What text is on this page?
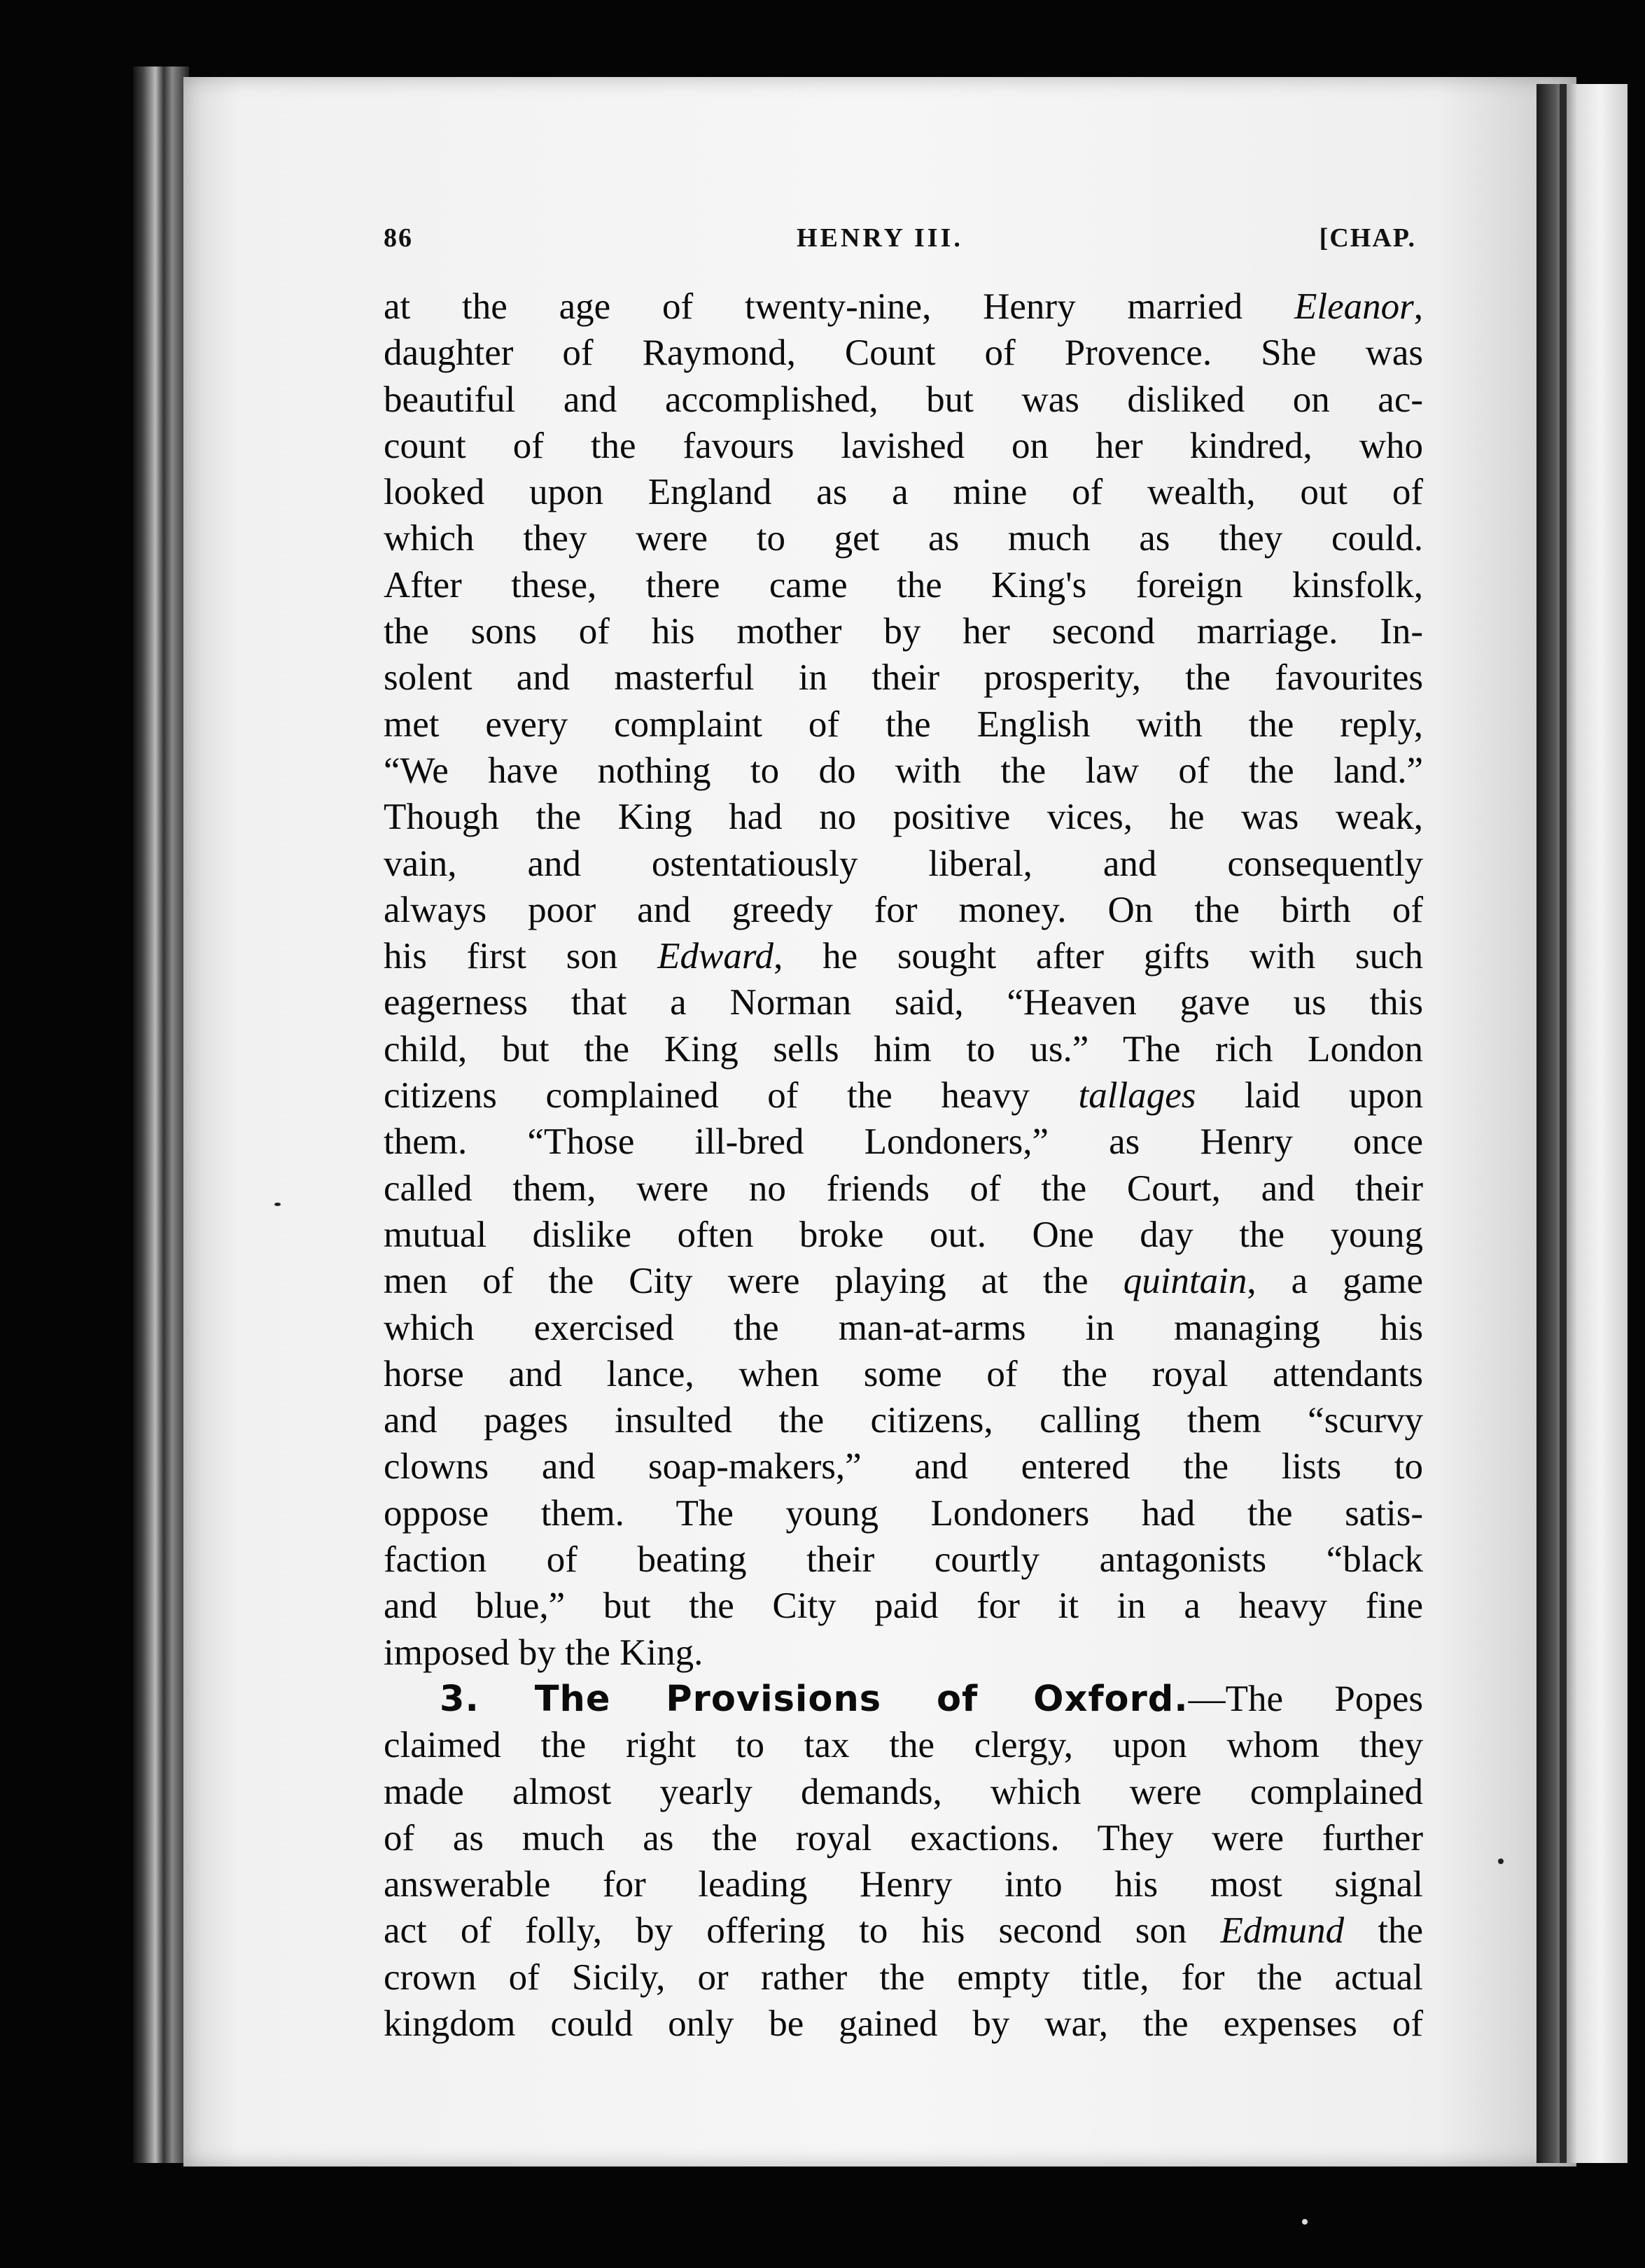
86	HENRY III.	[CHAP.
at the age of twenty-nine, Henry married Eleanor,
daughter of Raymond, Count of Provence. She was
beautiful and accomplished, but was disliked on ac-
count of the favours lavished on her kindred, who
looked upon England as a mine of wealth, out of
which they were to get as much as they could.
After these, there came the King's foreign kinsfolk,
the sons of his mother by her second marriage. In-
solent and masterful in their prosperity, the favourites
met every complaint of the English with the reply,
“We have nothing to do with the law of the land.”
Though the King had no positive vices, he was weak,
vain, and ostentatiously liberal, and consequently
always poor and greedy for money. On the birth of
his first son Edward, he sought after gifts with such
eagerness that a Norman said, “Heaven gave us this
child, but the King sells him to us.” The rich London
citizens complained of the heavy tallages laid upon
them. “Those ill-bred Londoners,” as Henry once
called them, were no friends of the Court, and their
mutual dislike often broke out. One day the young
men of the City were playing at the quintain, a game
which exercised the man-at-arms in managing his
horse and lance, when some of the royal attendants
and pages insulted the citizens, calling them “scurvy
clowns and soap-makers,” and entered the lists to
oppose them. The young Londoners had the satis-
faction of beating their courtly antagonists “black
and blue,” but the City paid for it in a heavy fine
imposed by the King.
3. The Provisions of Oxford.—The Popes
claimed the right to tax the clergy, upon whom they
made almost yearly demands, which were complained
of as much as the royal exactions. They were further
answerable for leading Henry into his most signal
act of folly, by offering to his second son Edmund the
crown of Sicily, or rather the empty title, for the actual
kingdom could only be gained by war, the expenses of
